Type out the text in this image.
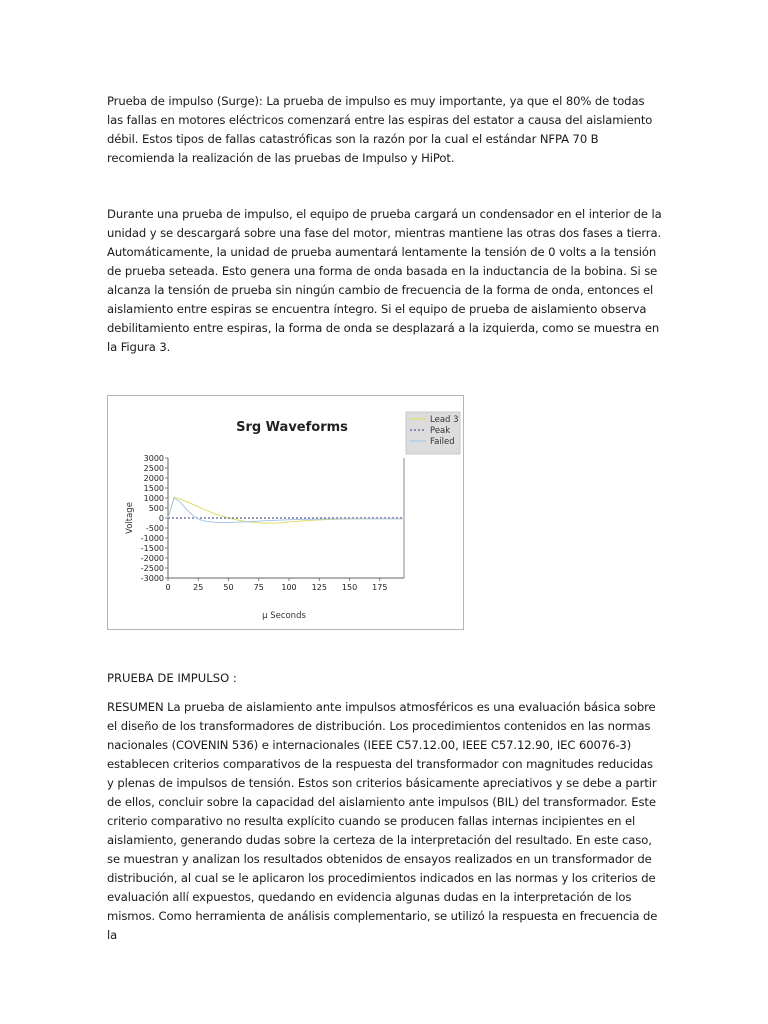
Prueba de impulso (Surge): La prueba de impulso es muy importante, ya que el 80% de todas las fallas en motores eléctricos comenzará entre las espiras del estator a causa del aislamiento débil. Estos tipos de fallas catastróficas son la razón por la cual el estándar NFPA 70 B recomienda la realización de las pruebas de Impulso y HiPot.

Durante una prueba de impulso, el equipo de prueba cargará un condensador en el interior de la unidad y se descargará sobre una fase del motor, mientras mantiene las otras dos fases a tierra. Automáticamente, la unidad de prueba aumentará lentamente la tensión de 0 volts a la tensión de prueba seteada. Esto genera una forma de onda basada en la inductancia de la bobina. Si se alcanza la tensión de prueba sin ningún cambio de frecuencia de la forma de onda, entonces el aislamiento entre espiras se encuentra íntegro. Si el equipo de prueba de aislamiento observa debilitamiento entre espiras, la forma de onda se desplazará a la izquierda, como se muestra en la Figura 3.

Srg Waveforms	Lead 3
Peak
Failed
3000
2500
2000
1500
1000
500
0
-500
-1000
-1500
-2000
-2500
-3000
0	25	50	75 100 125 150 175
Voltage
µ Seconds

PRUEBA DE IMPULSO :

RESUMEN La prueba de aislamiento ante impulsos atmosféricos es una evaluación básica sobre el diseño de los transformadores de distribución. Los procedimientos contenidos en las normas nacionales (COVENIN 536) e internacionales (IEEE C57.12.00, IEEE C57.12.90, IEC 60076-3) establecen criterios comparativos de la respuesta del transformador con magnitudes reducidas y plenas de impulsos de tensión. Estos son criterios básicamente apreciativos y se debe a partir de ellos, concluir sobre la capacidad del aislamiento ante impulsos (BIL) del transformador. Este criterio comparativo no resulta explícito cuando se producen fallas internas incipientes en el aislamiento, generando dudas sobre la certeza de la interpretación del resultado. En este caso, se muestran y analizan los resultados obtenidos de ensayos realizados en un transformador de distribución, al cual se le aplicaron los procedimientos indicados en las normas y los criterios de evaluación allí expuestos, quedando en evidencia algunas dudas en la interpretación de los mismos. Como herramienta de análisis complementario, se utilizó la respuesta en frecuencia de la
